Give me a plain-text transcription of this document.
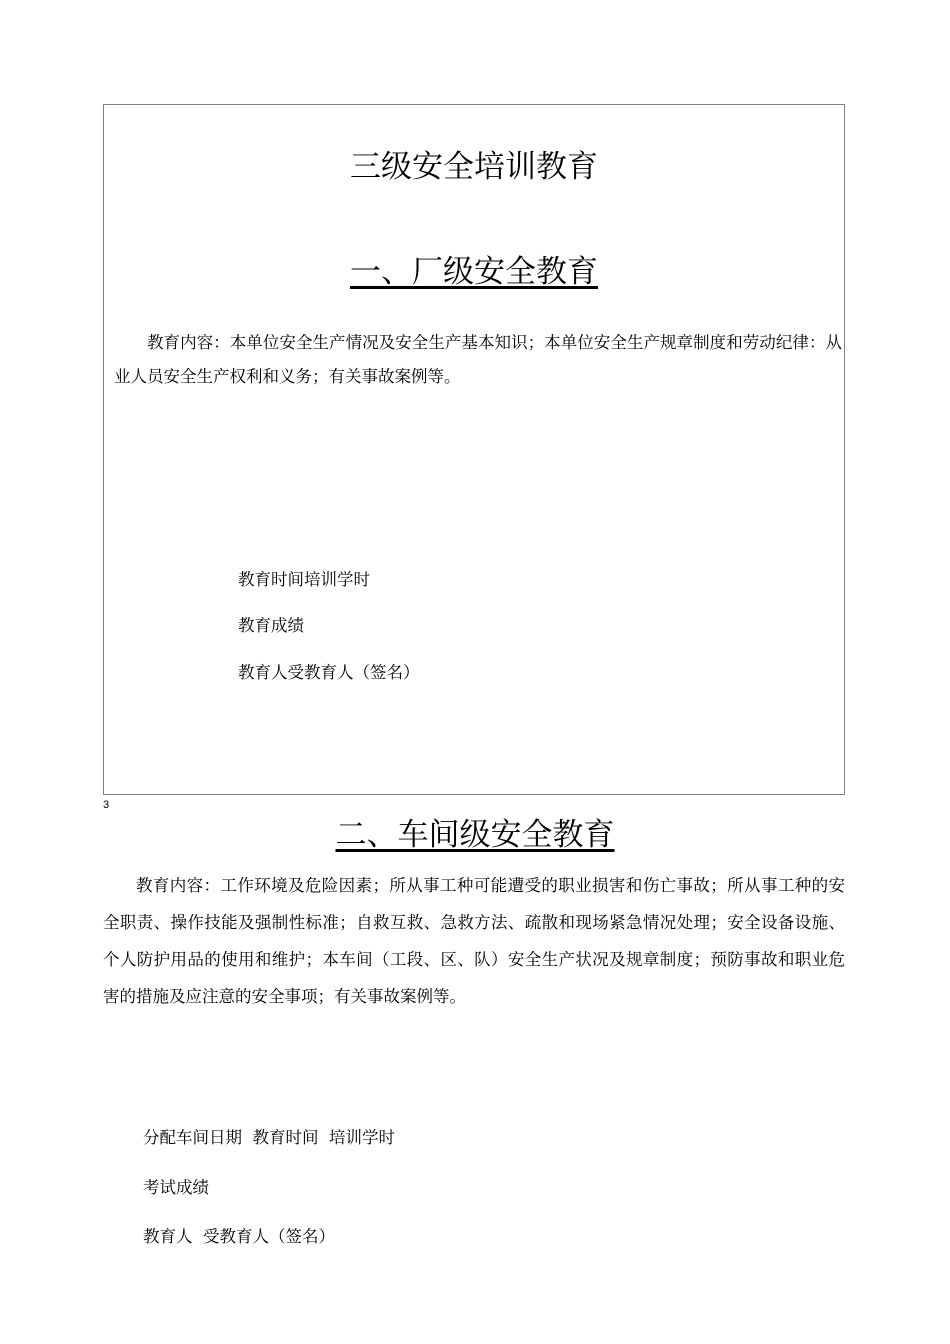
三级安全培训教育
一、厂级安全教育

教育内容：本单位安全生产情况及安全生产基本知识；本单位安全生产规章制度和劳动纪律：从业人员安全生产权利和义务；有关事故案例等。

教育时间培训学时

教育成绩

教育人受教育人（签名）

3
二、车间级安全教育

教育内容：工作环境及危险因素；所从事工种可能遭受的职业损害和伤亡事故；所从事工种的安全职责、操作技能及强制性标准；自救互救、急救方法、疏散和现场紧急情况处理；安全设备设施、个人防护用品的使用和维护；本车间（工段、区、队）安全生产状况及规章制度；预防事故和职业危害的措施及应注意的安全事项；有关事故案例等。

分配车间日期  教育时间  培训学时

考试成绩

教育人  受教育人（签名）
